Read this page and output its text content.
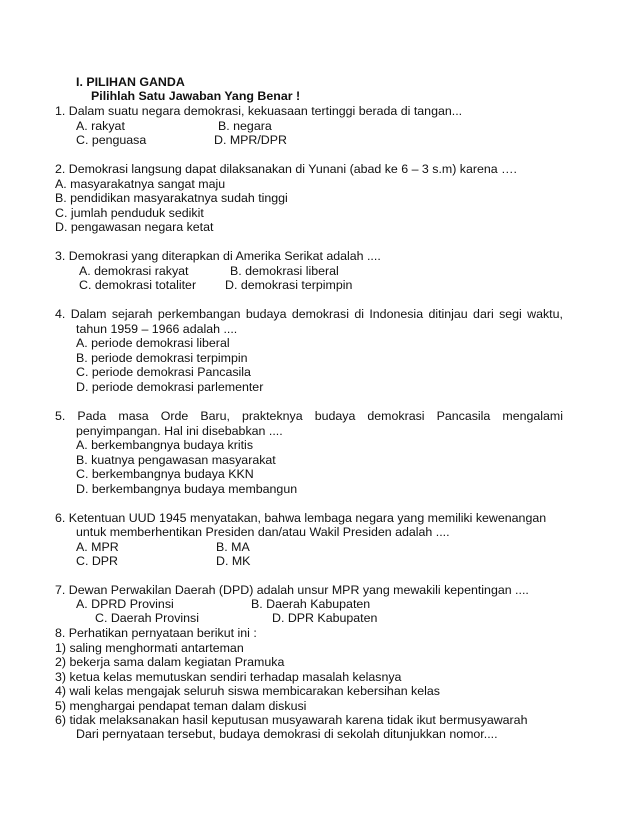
I. PILIHAN GANDA
Pilihlah Satu Jawaban Yang Benar !
1. Dalam suatu negara demokrasi, kekuasaan tertinggi berada di tangan...
A. rakyat	B. negara
C. penguasa	D. MPR/DPR
2. Demokrasi langsung dapat dilaksanakan di Yunani (abad ke 6 – 3 s.m) karena ….
A. masyarakatnya sangat maju
B. pendidikan masyarakatnya sudah tinggi
C. jumlah penduduk sedikit
D. pengawasan negara ketat
3. Demokrasi yang diterapkan di Amerika Serikat adalah ....
A. demokrasi rakyat	B. demokrasi liberal
C. demokrasi totaliter D. demokrasi terpimpin
4. Dalam sejarah perkembangan budaya demokrasi di Indonesia ditinjau dari segi waktu,
tahun 1959 – 1966 adalah ....
A. periode demokrasi liberal
B. periode demokrasi terpimpin
C. periode demokrasi Pancasila
D. periode demokrasi parlementer
5. Pada masa Orde Baru, prakteknya budaya demokrasi Pancasila mengalami
penyimpangan. Hal ini disebabkan ....
A. berkembangnya budaya kritis
B. kuatnya pengawasan masyarakat
C. berkembangnya budaya KKN
D. berkembangnya budaya membangun
6. Ketentuan UUD 1945 menyatakan, bahwa lembaga negara yang memiliki kewenangan
untuk memberhentikan Presiden dan/atau Wakil Presiden adalah ....
A. MPR	B. MA
C. DPR	D. MK
7. Dewan Perwakilan Daerah (DPD) adalah unsur MPR yang mewakili kepentingan ....
A. DPRD Provinsi	B. Daerah Kabupaten
C. Daerah Provinsi	D. DPR Kabupaten
8. Perhatikan pernyataan berikut ini :
1) saling menghormati antarteman
2) bekerja sama dalam kegiatan Pramuka
3) ketua kelas memutuskan sendiri terhadap masalah kelasnya
4) wali kelas mengajak seluruh siswa membicarakan kebersihan kelas
5) menghargai pendapat teman dalam diskusi
6) tidak melaksanakan hasil keputusan musyawarah karena tidak ikut bermusyawarah
Dari pernyataan tersebut, budaya demokrasi di sekolah ditunjukkan nomor....
